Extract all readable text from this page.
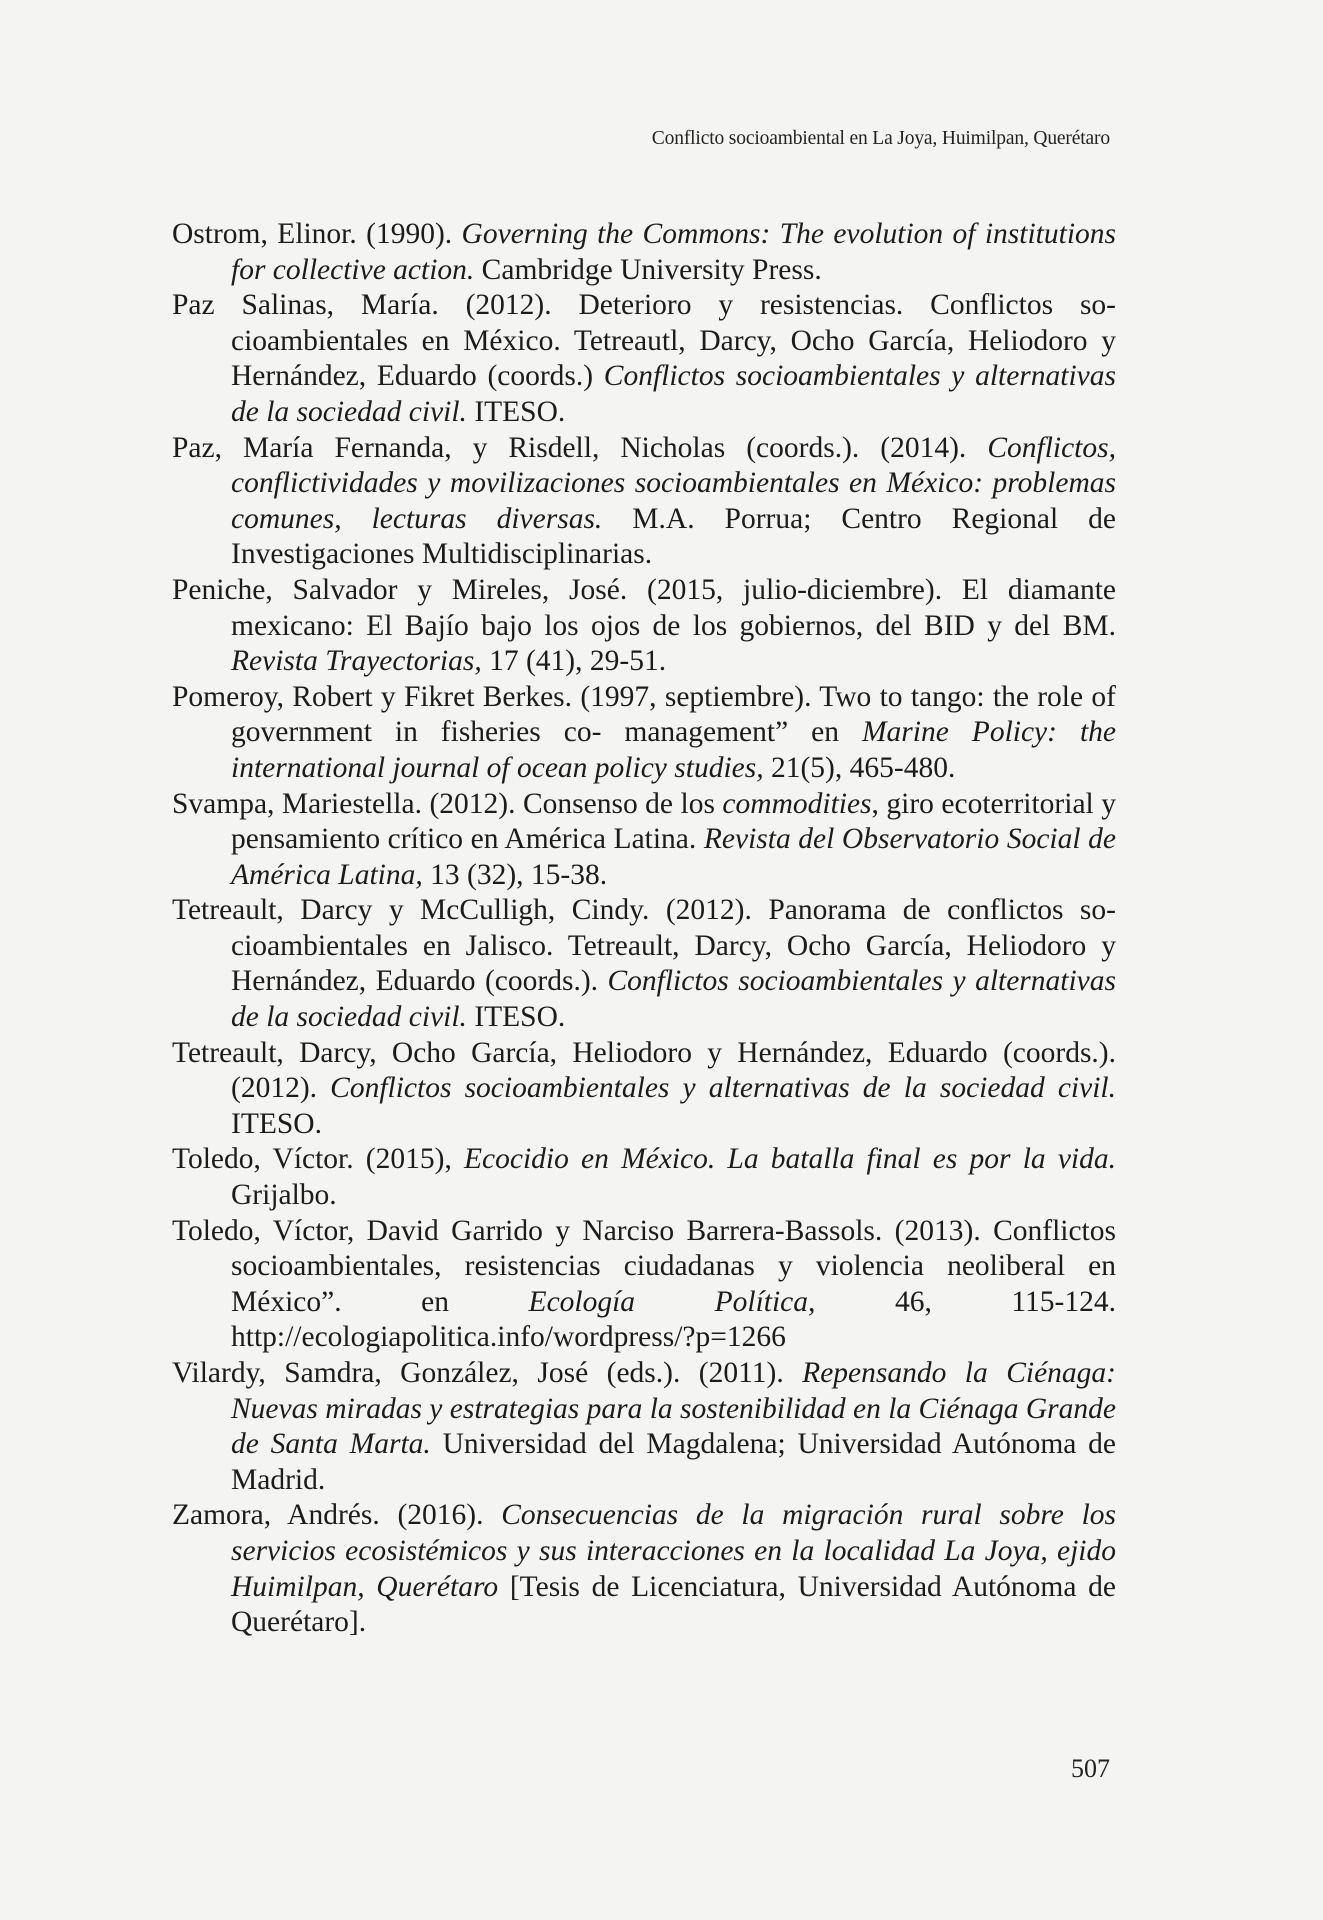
Conflicto socioambiental en La Joya, Huimilpan, Querétaro
Ostrom, Elinor. (1990). Governing the Commons: The evolution of institutions for collective action. Cambridge University Press.
Paz Salinas, María. (2012). Deterioro y resistencias. Conflictos socioambientales en México. Tetreautl, Darcy, Ocho García, Heliodoro y Hernández, Eduardo (coords.) Conflictos socioambientales y alternativas de la sociedad civil. ITESO.
Paz, María Fernanda, y Risdell, Nicholas (coords.). (2014). Conflictos, conflictividades y movilizaciones socioambientales en México: problemas comunes, lecturas diversas. M.A. Porrua; Centro Regional de Investigaciones Multidisciplinarias.
Peniche, Salvador y Mireles, José. (2015, julio-diciembre). El diamante mexicano: El Bajío bajo los ojos de los gobiernos, del BID y del BM. Revista Trayectorias, 17 (41), 29-51.
Pomeroy, Robert y Fikret Berkes. (1997, septiembre). Two to tango: the role of government in fisheries co- management” en Marine Policy: the international journal of ocean policy studies, 21(5), 465-480.
Svampa, Mariestella. (2012). Consenso de los commodities, giro ecoterritorial y pensamiento crítico en América Latina. Revista del Observatorio Social de América Latina, 13 (32), 15-38.
Tetreault, Darcy y McCulligh, Cindy. (2012). Panorama de conflictos socioambientales en Jalisco. Tetreault, Darcy, Ocho García, Heliodoro y Hernández, Eduardo (coords.). Conflictos socioambientales y alternativas de la sociedad civil. ITESO.
Tetreault, Darcy, Ocho García, Heliodoro y Hernández, Eduardo (coords.). (2012). Conflictos socioambientales y alternativas de la sociedad civil. ITESO.
Toledo, Víctor. (2015), Ecocidio en México. La batalla final es por la vida. Grijalbo.
Toledo, Víctor, David Garrido y Narciso Barrera-Bassols. (2013). Conflictos socioambientales, resistencias ciudadanas y violencia neoliberal en México”. en Ecología Política, 46, 115-124. http://ecologiapolitica.info/wordpress/?p=1266
Vilardy, Samdra, González, José (eds.). (2011). Repensando la Ciénaga: Nuevas miradas y estrategias para la sostenibilidad en la Ciénaga Grande de Santa Marta. Universidad del Magdalena; Universidad Autónoma de Madrid.
Zamora, Andrés. (2016). Consecuencias de la migración rural sobre los servicios ecosistémicos y sus interacciones en la localidad La Joya, ejido Huimilpan, Querétaro [Tesis de Licenciatura, Universidad Autónoma de Querétaro].
507
